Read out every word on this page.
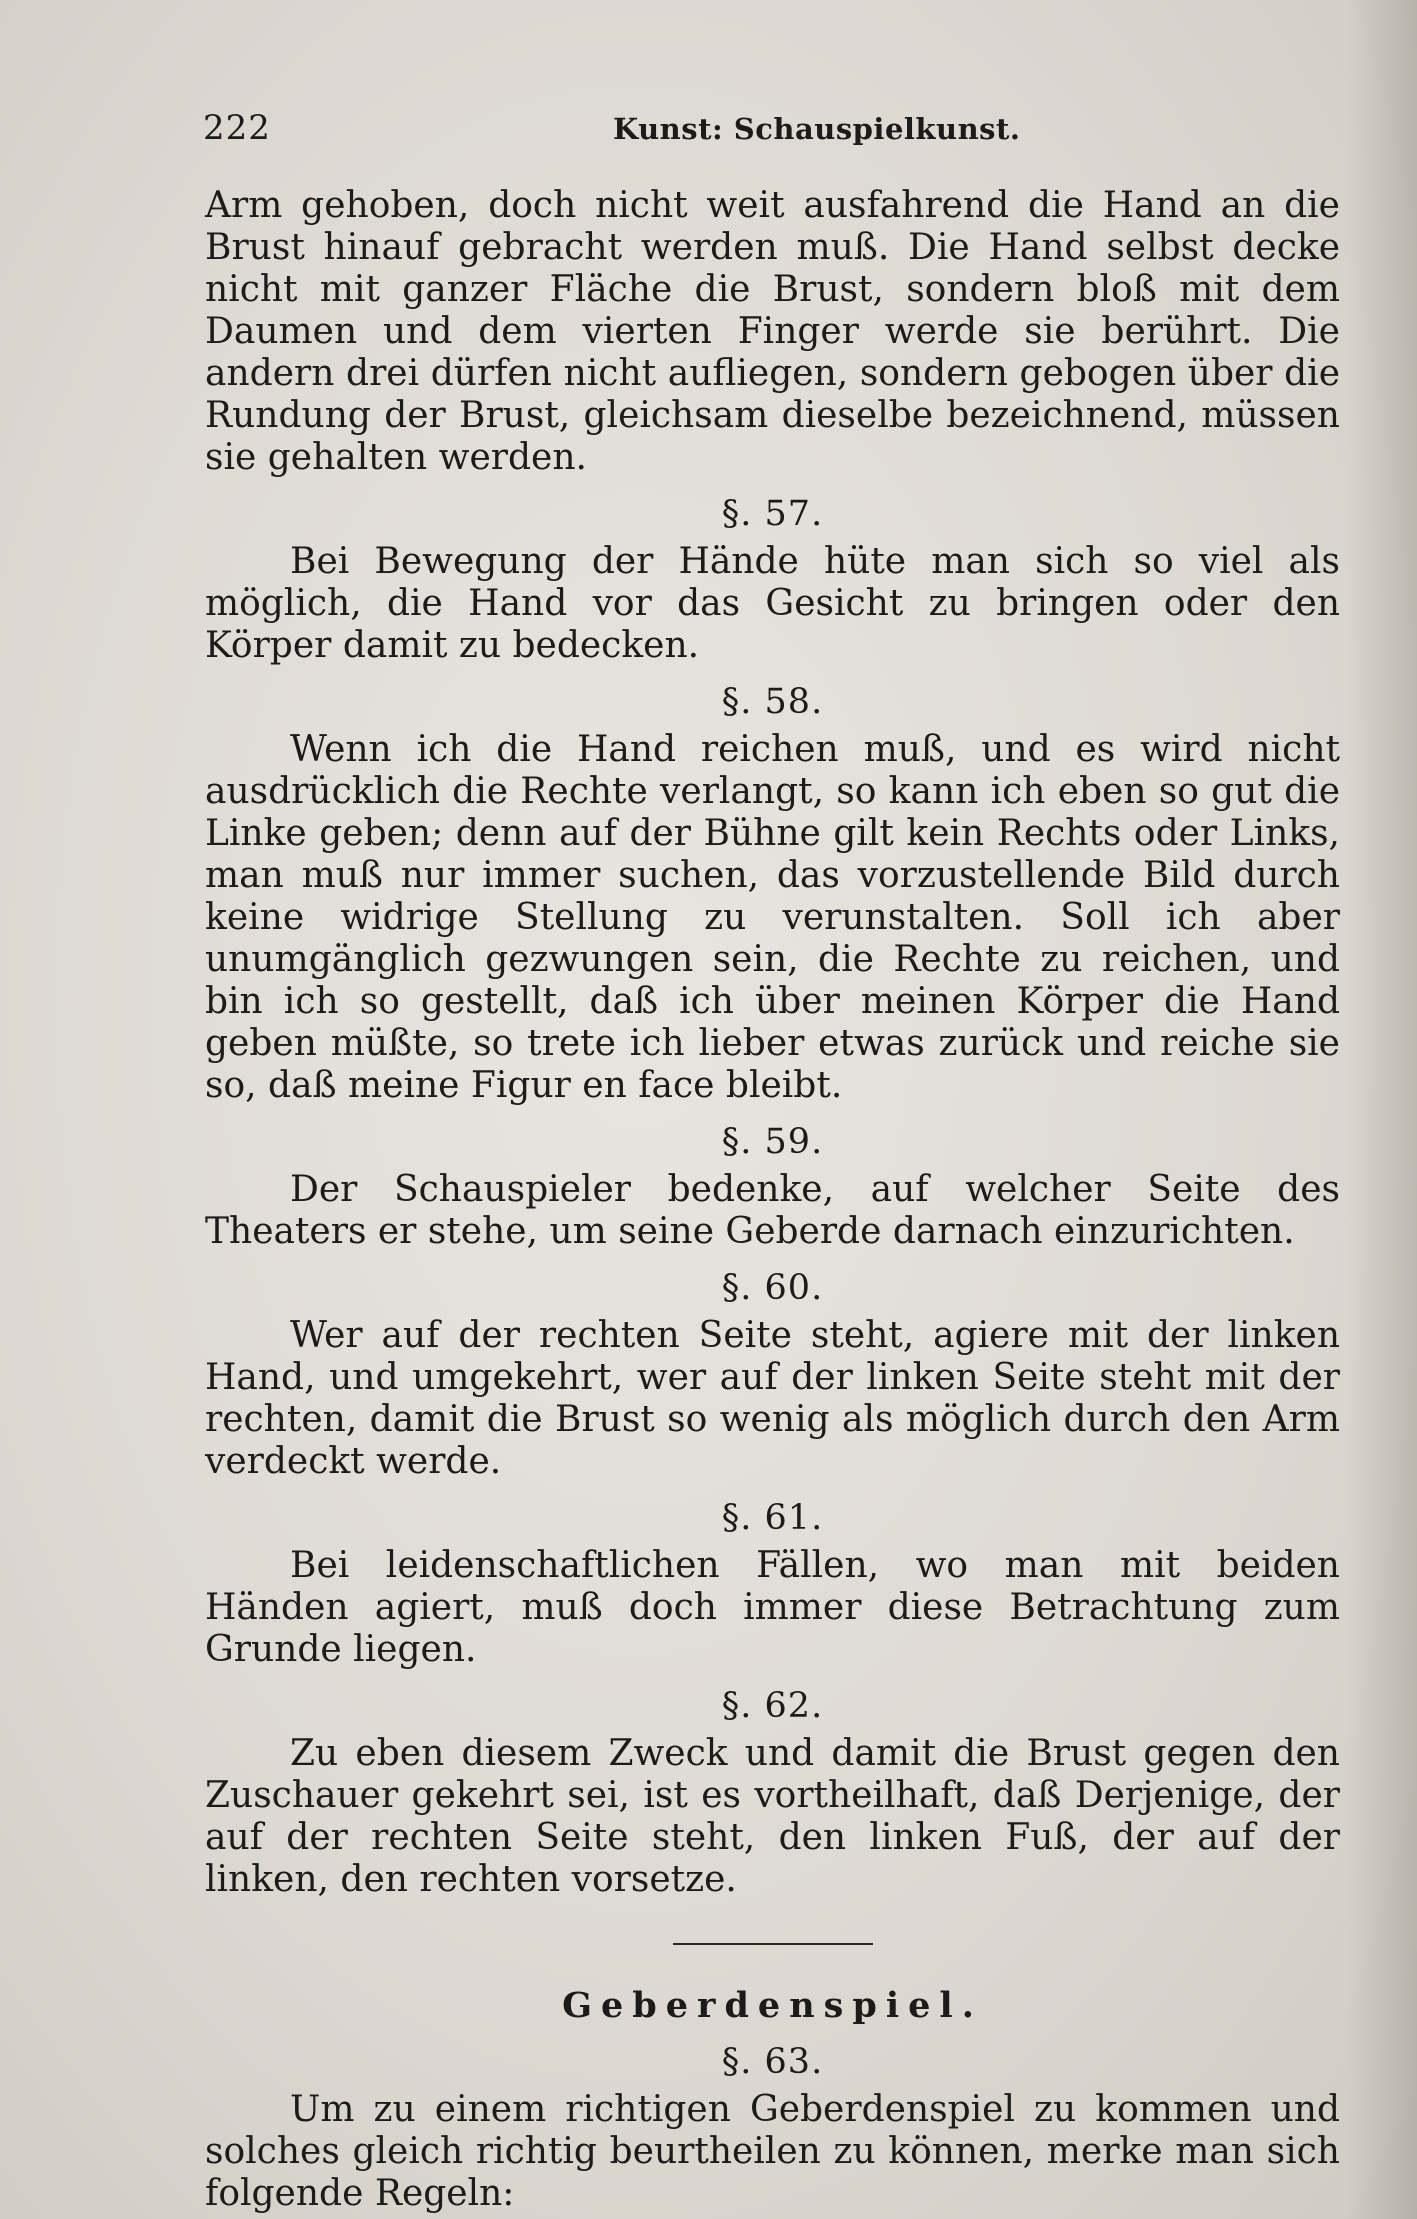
222	Kunst: Schauspielkunst.

Arm gehoben, doch nicht weit ausfahrend die Hand an die Brust hinauf gebracht werden muß. Die Hand selbst decke nicht mit ganzer Fläche die Brust, sondern bloß mit dem Daumen und dem vierten Finger werde sie berührt. Die andern drei dürfen nicht aufliegen, sondern gebogen über die Rundung der Brust, gleichsam dieselbe bezeichnend, müssen sie gehalten werden.

§. 57.

Bei Bewegung der Hände hüte man sich so viel als möglich, die Hand vor das Gesicht zu bringen oder den Körper damit zu bedecken.

§. 58.

Wenn ich die Hand reichen muß, und es wird nicht ausdrücklich die Rechte verlangt, so kann ich eben so gut die Linke geben; denn auf der Bühne gilt kein Rechts oder Links, man muß nur immer suchen, das vorzustellende Bild durch keine widrige Stellung zu verunstalten. Soll ich aber unumgänglich gezwungen sein, die Rechte zu reichen, und bin ich so gestellt, daß ich über meinen Körper die Hand geben müßte, so trete ich lieber etwas zurück und reiche sie so, daß meine Figur en face bleibt.

§. 59.

Der Schauspieler bedenke, auf welcher Seite des Theaters er stehe, um seine Geberde darnach einzurichten.

§. 60.

Wer auf der rechten Seite steht, agiere mit der linken Hand, und umgekehrt, wer auf der linken Seite steht mit der rechten, damit die Brust so wenig als möglich durch den Arm verdeckt werde.

§. 61.

Bei leidenschaftlichen Fällen, wo man mit beiden Händen agiert, muß doch immer diese Betrachtung zum Grunde liegen.

§. 62.

Zu eben diesem Zweck und damit die Brust gegen den Zuschauer gekehrt sei, ist es vortheilhaft, daß Derjenige, der auf der rechten Seite steht, den linken Fuß, der auf der linken, den rechten vorsetze.

Geberdenspiel.
§. 63.

Um zu einem richtigen Geberdenspiel zu kommen und solches gleich richtig beurtheilen zu können, merke man sich folgende Regeln:
